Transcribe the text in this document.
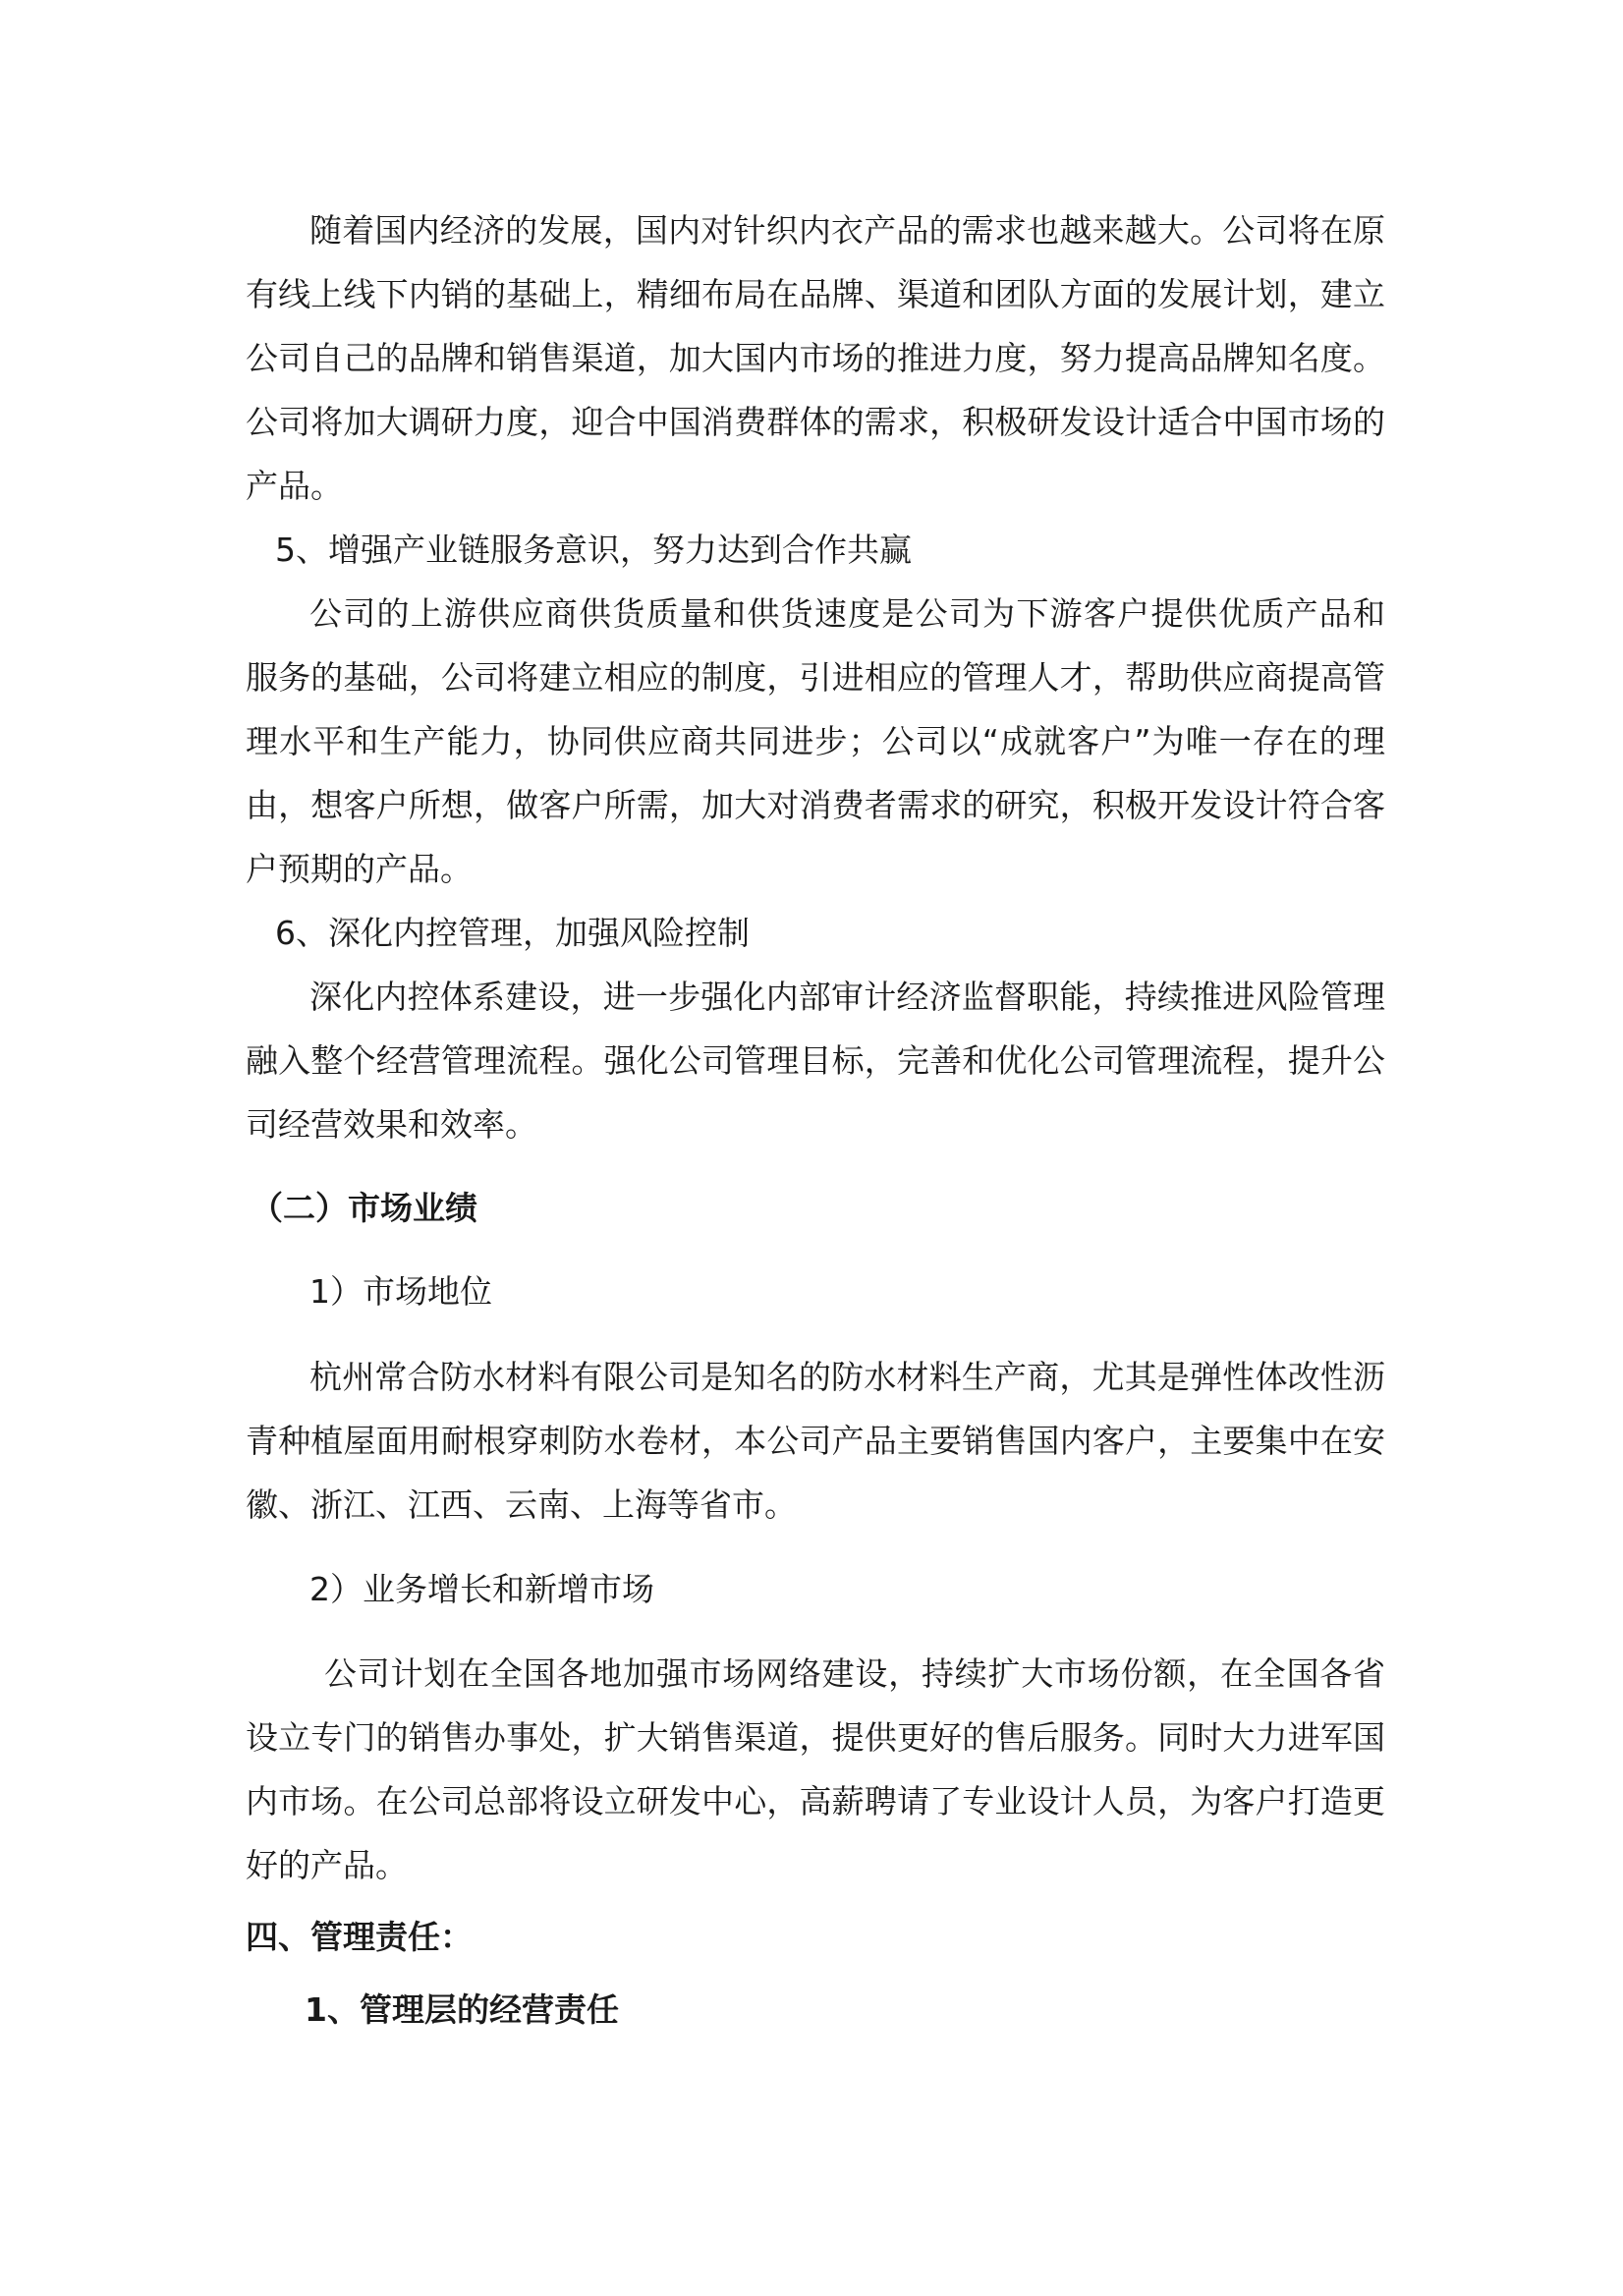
随着国内经济的发展，国内对针织内衣产品的需求也越来越大。公司将在原
有线上线下内销的基础上，精细布局在品牌、渠道和团队方面的发展计划，建立
公司自己的品牌和销售渠道，加大国内市场的推进力度，努力提高品牌知名度。
公司将加大调研力度，迎合中国消费群体的需求，积极研发设计适合中国市场的
产品。
5、增强产业链服务意识，努力达到合作共赢
公司的上游供应商供货质量和供货速度是公司为下游客户提供优质产品和
服务的基础，公司将建立相应的制度，引进相应的管理人才，帮助供应商提高管
理水平和生产能力，协同供应商共同进步；公司以“成就客户”为唯一存在的理
由，想客户所想，做客户所需，加大对消费者需求的研究，积极开发设计符合客
户预期的产品。
6、深化内控管理，加强风险控制
深化内控体系建设，进一步强化内部审计经济监督职能，持续推进风险管理
融入整个经营管理流程。强化公司管理目标，完善和优化公司管理流程，提升公
司经营效果和效率。
（二）市场业绩
1）市场地位
杭州常合防水材料有限公司是知名的防水材料生产商，尤其是弹性体改性沥
青种植屋面用耐根穿刺防水卷材，本公司产品主要销售国内客户，主要集中在安
徽、浙江、江西、云南、上海等省市。
2）业务增长和新增市场
公司计划在全国各地加强市场网络建设，持续扩大市场份额，在全国各省
设立专门的销售办事处，扩大销售渠道，提供更好的售后服务。同时大力进军国
内市场。在公司总部将设立研发中心，高薪聘请了专业设计人员，为客户打造更
好的产品。
四、管理责任：
1、管理层的经营责任
